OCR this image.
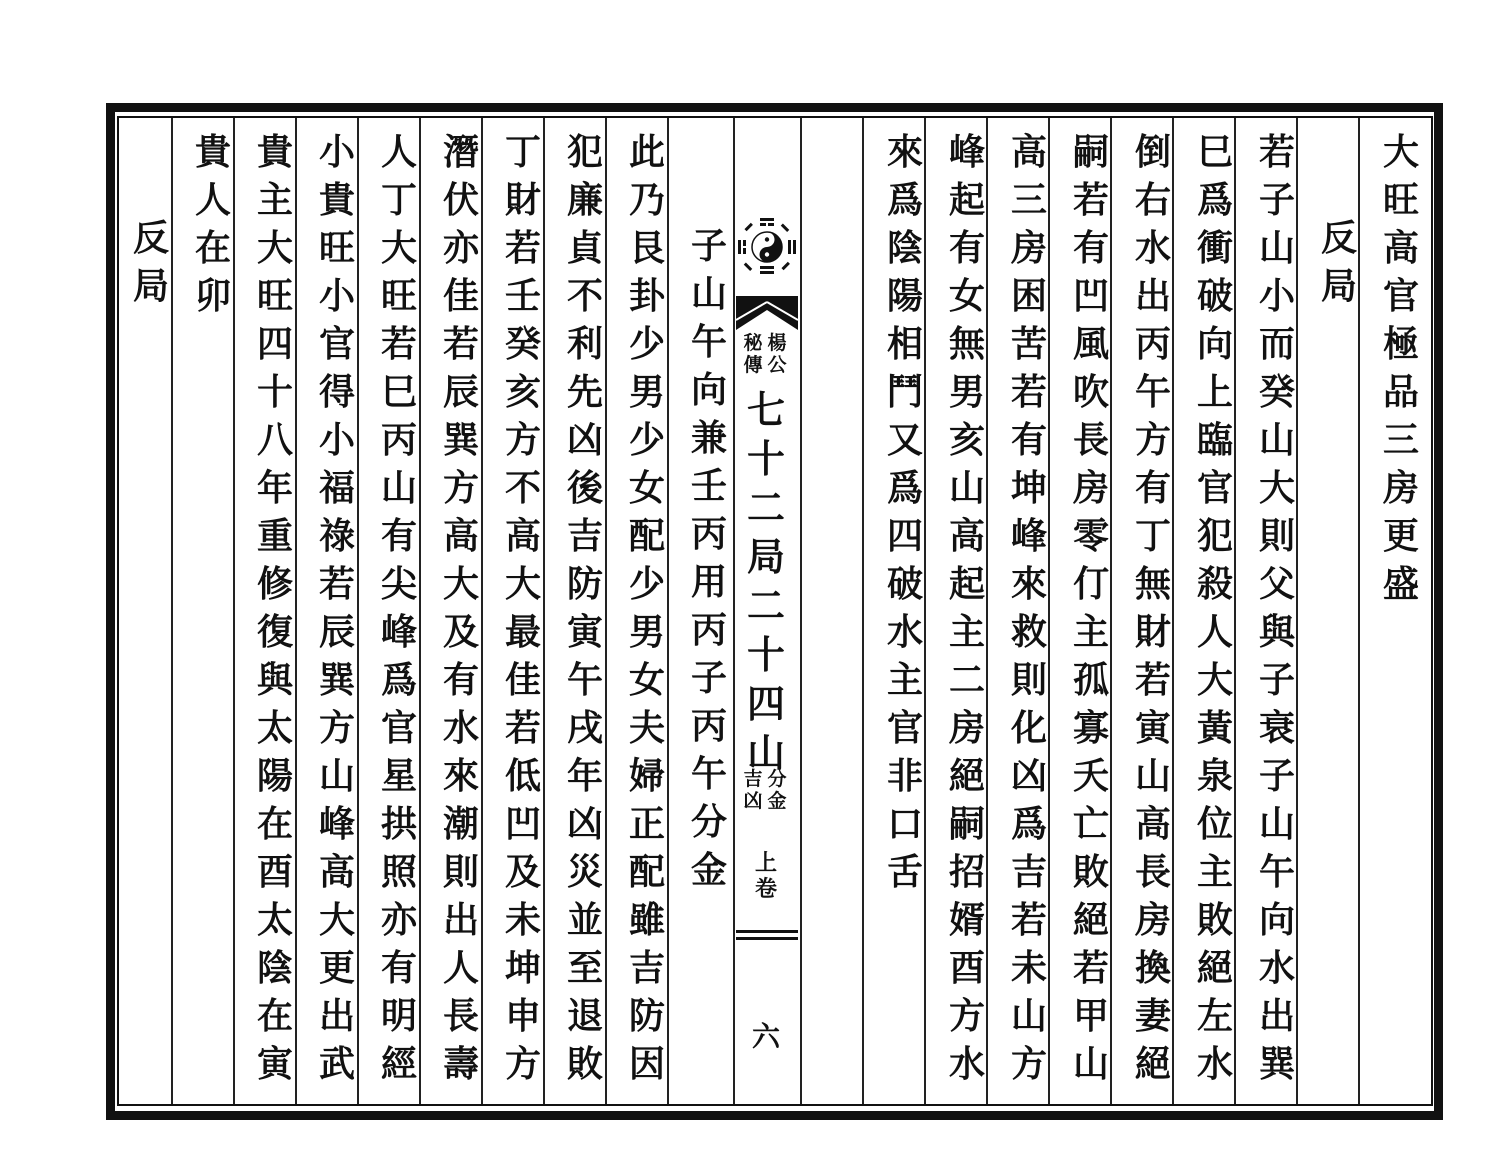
楊
公
秘
傳
七
十
二
局
二
十
四
山
分
金
吉
凶
上
卷
六
大
旺
高
官
極
品
三
房
更
盛
反
局
若
子
山
小
而
癸
山
大
則
父
與
子
衰
子
山
午
向
水
出
巽
巳
爲
衝
破
向
上
臨
官
犯
殺
人
大
黃
泉
位
主
敗
絕
左
水
倒
右
水
出
丙
午
方
有
丁
無
財
若
寅
山
高
長
房
換
妻
絕
嗣
若
有
凹
風
吹
長
房
零
仃
主
孤
寡
夭
亡
敗
絕
若
甲
山
高
三
房
困
苦
若
有
坤
峰
來
救
則
化
凶
爲
吉
若
未
山
方
峰
起
有
女
無
男
亥
山
高
起
主
二
房
絕
嗣
招
婿
酉
方
水
來
爲
陰
陽
相
鬥
又
爲
四
破
水
主
官
非
口
舌
子
山
午
向
兼
壬
丙
用
丙
子
丙
午
分
金
此
乃
艮
卦
少
男
少
女
配
少
男
女
夫
婦
正
配
雖
吉
防
因
犯
廉
貞
不
利
先
凶
後
吉
防
寅
午
戌
年
凶
災
並
至
退
敗
丁
財
若
壬
癸
亥
方
不
高
大
最
佳
若
低
凹
及
未
坤
申
方
潛
伏
亦
佳
若
辰
巽
方
高
大
及
有
水
來
潮
則
出
人
長
壽
人
丁
大
旺
若
巳
丙
山
有
尖
峰
爲
官
星
拱
照
亦
有
明
經
小
貴
旺
小
官
得
小
福
祿
若
辰
巽
方
山
峰
高
大
更
出
武
貴
主
大
旺
四
十
八
年
重
修
復
與
太
陽
在
酉
太
陰
在
寅
貴
人
在
卯
反
局
